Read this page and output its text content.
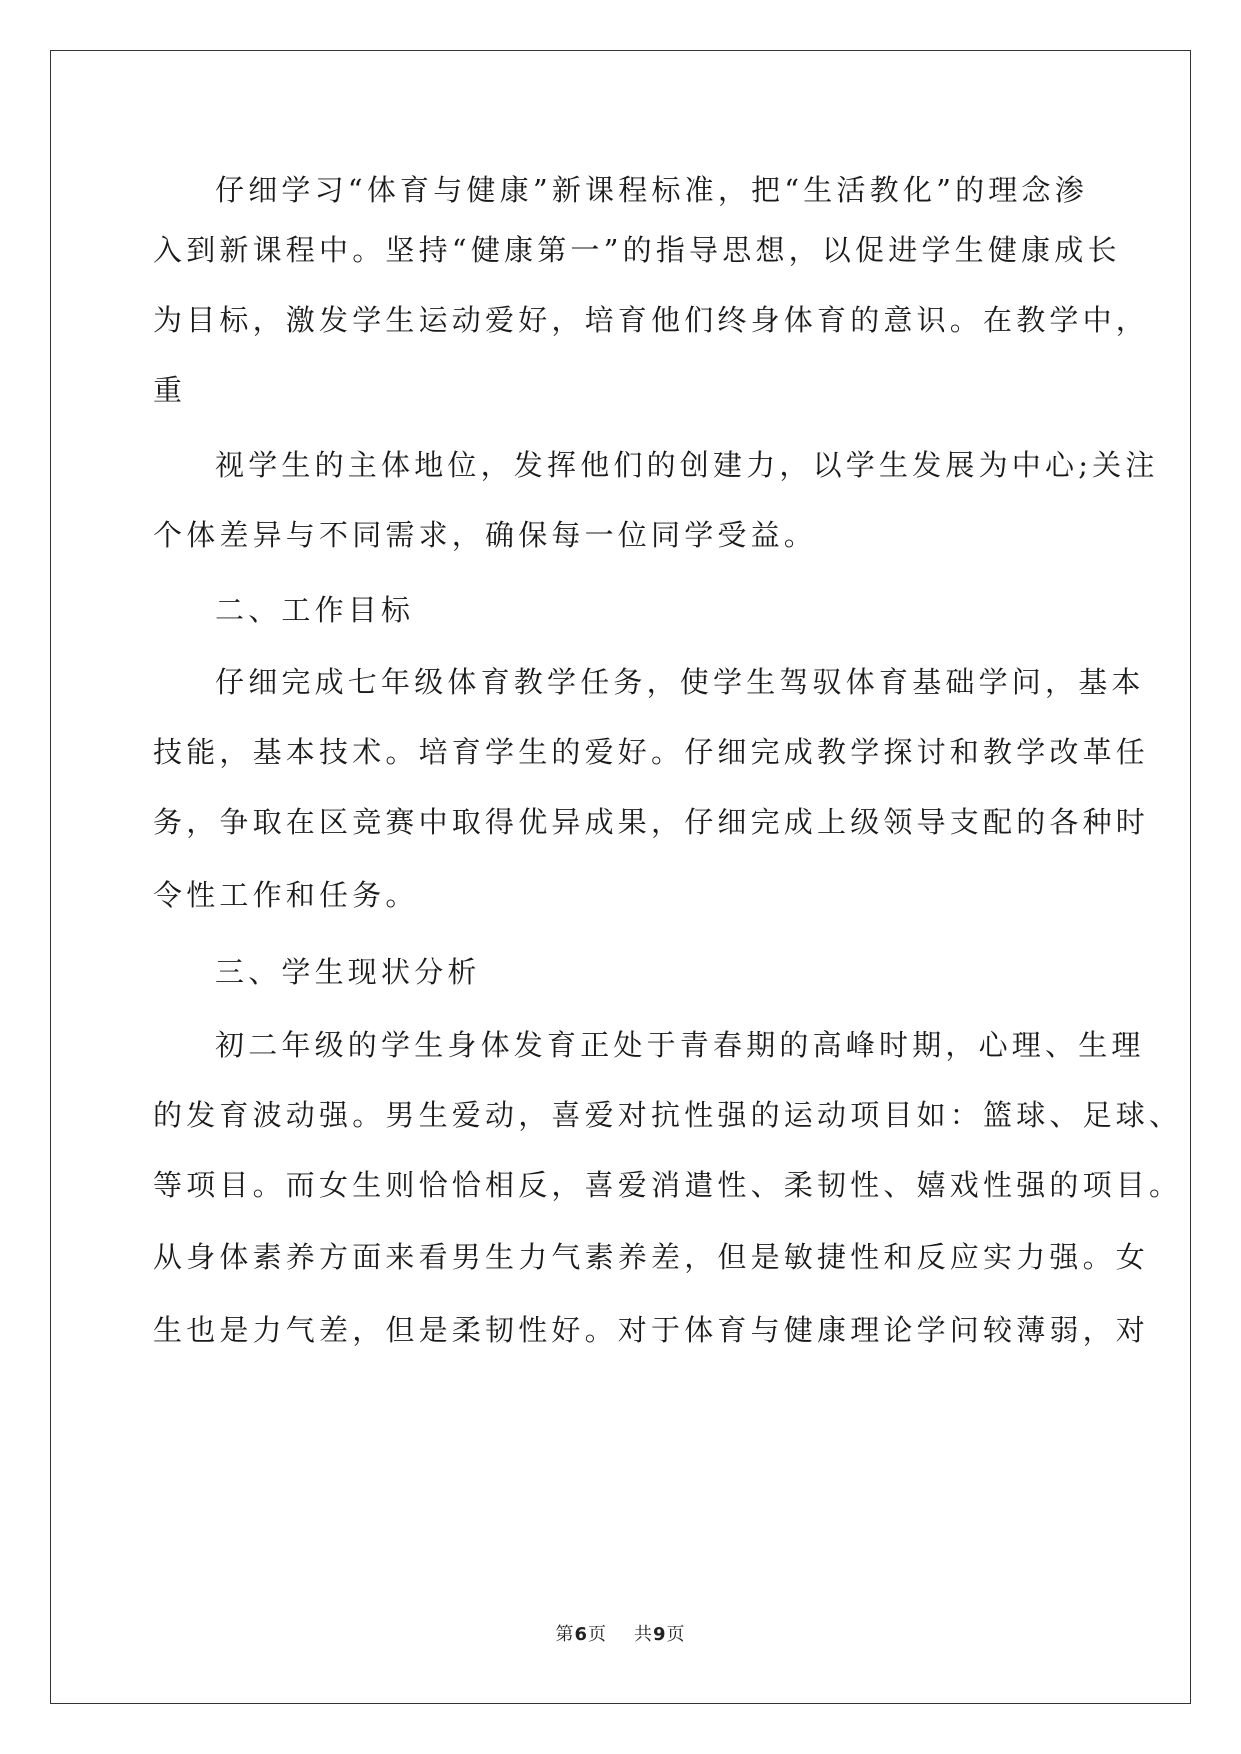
仔细学习“体育与健康”新课程标准，把“生活教化”的理念渗
入到新课程中。坚持“健康第一”的指导思想，以促进学生健康成长
为目标，激发学生运动爱好，培育他们终身体育的意识。在教学中，
重
视学生的主体地位，发挥他们的创建力，以学生发展为中心;关注
个体差异与不同需求，确保每一位同学受益。
二、工作目标
仔细完成七年级体育教学任务，使学生驾驭体育基础学问，基本
技能，基本技术。培育学生的爱好。仔细完成教学探讨和教学改革任
务，争取在区竞赛中取得优异成果，仔细完成上级领导支配的各种时
令性工作和任务。
三、学生现状分析
初二年级的学生身体发育正处于青春期的高峰时期，心理、生理
的发育波动强。男生爱动，喜爱对抗性强的运动项目如：篮球、足球、
等项目。而女生则恰恰相反，喜爱消遣性、柔韧性、嬉戏性强的项目。
从身体素养方面来看男生力气素养差，但是敏捷性和反应实力强。女
生也是力气差，但是柔韧性好。对于体育与健康理论学问较薄弱，对
第6页 共9页
